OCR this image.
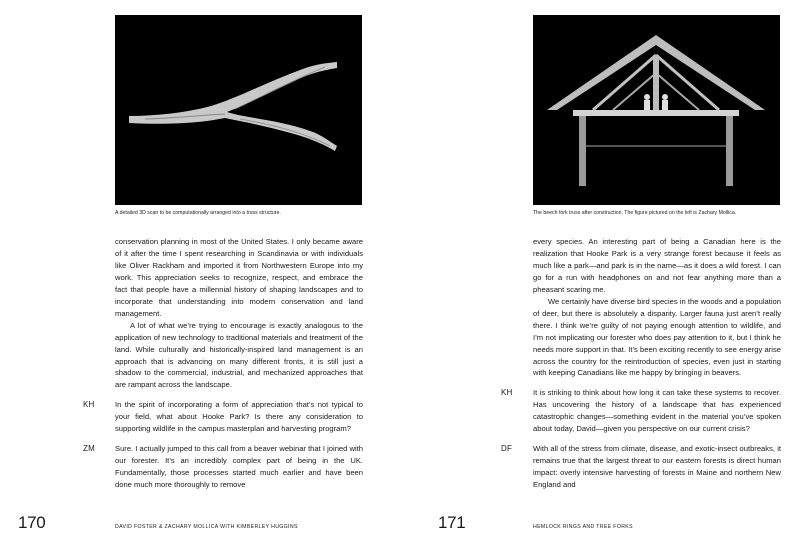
A detailed 3D scan to be computationally arranged into a truss structure.
conservation planning in most of the United States. I only became aware of it after the time I spent researching in Scandinavia or with individuals like Oliver Rackham and imported it from Northwestern Europe into my work. This appreciation seeks to recognize, respect, and embrace the fact that people have a millennial history of shaping landscapes and to incorporate that understanding into modern conservation and land management.
A lot of what we’re trying to encourage is exactly analogous to the application of new technology to traditional materials and treatment of the land. While culturally and historically-inspired land management is an approach that is advancing on many different fronts, it is still just a shadow to the commercial, industrial, and mechanized approaches that are rampant across the landscape.
KH	In the spirit of incorporating a form of appreciation that’s not typical to your field, what about Hooke Park? Is there any consideration to supporting wildlife in the campus masterplan and harvesting program?
ZM	Sure. I actually jumped to this call from a beaver webinar that I joined with our forester. It’s an incredibly complex part of being in the UK. Fundamentally, those processes started much earlier and have been done much more thoroughly to remove
170	DAVID FOSTER & ZACHARY MOLLICA WITH KIMBERLEY HUGGINS
The beech fork truss after construction. The figure pictured on the left is Zachary Mollica.
every species. An interesting part of being a Canadian here is the realization that Hooke Park is a very strange forest because it feels as much like a park—and park is in the name—as it does a wild forest. I can go for a run with headphones on and not fear anything more than a pheasant scaring me.
We certainly have diverse bird species in the woods and a population of deer, but there is absolutely a disparity. Larger fauna just aren’t really there. I think we’re guilty of not paying enough attention to wildlife, and I’m not implicating our forester who does pay attention to it, but I think he needs more support in that. It’s been exciting recently to see energy arise across the country for the reintroduction of species, even just in starting with keeping Canadians like me happy by bringing in beavers.
KH	It is striking to think about how long it can take these systems to recover. Has uncovering the history of a landscape that has experienced catastrophic changes—something evident in the material you’ve spoken about today, David—given you perspective on our current crisis?
DF	With all of the stress from climate, disease, and exotic-insect outbreaks, it remains true that the largest threat to our eastern forests is direct human impact: overly intensive harvesting of forests in Maine and northern New England and
171	HEMLOCK RINGS AND TREE FORKS
